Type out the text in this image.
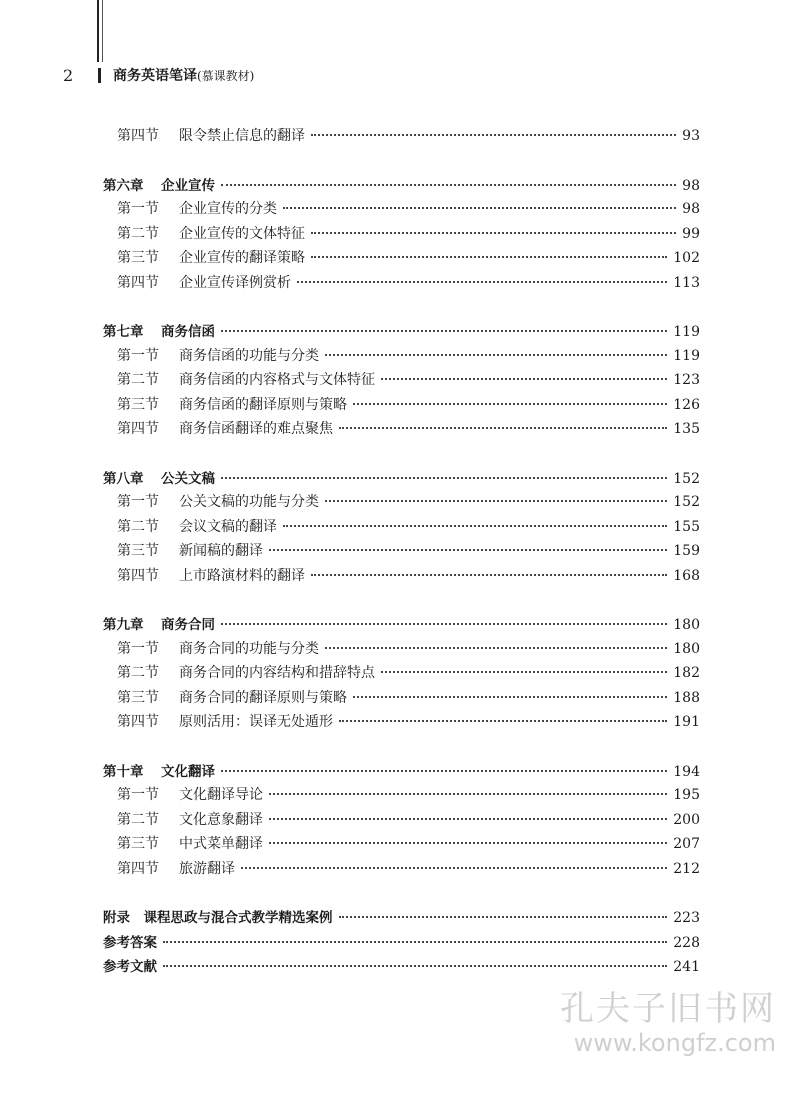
2	商务英语笔译(慕课教材)
第四节	限令禁止信息的翻译	93
第六章	企业宣传	98
第一节	企业宣传的分类	98
第二节	企业宣传的文体特征	99
第三节	企业宣传的翻译策略	102
第四节	企业宣传译例赏析	113
第七章	商务信函	119
第一节	商务信函的功能与分类	119
第二节	商务信函的内容格式与文体特征	123
第三节	商务信函的翻译原则与策略	126
第四节	商务信函翻译的难点聚焦	135
第八章	公关文稿	152
第一节	公关文稿的功能与分类	152
第二节	会议文稿的翻译	155
第三节	新闻稿的翻译	159
第四节	上市路演材料的翻译	168
第九章	商务合同	180
第一节	商务合同的功能与分类	180
第二节	商务合同的内容结构和措辞特点	182
第三节	商务合同的翻译原则与策略	188
第四节	原则活用：误译无处遁形	191
第十章	文化翻译	194
第一节	文化翻译导论	195
第二节	文化意象翻译	200
第三节	中式菜单翻译	207
第四节	旅游翻译	212
附录　课程思政与混合式教学精选案例	223
参考答案	228
参考文献	241
孔夫子旧书网
www.kongfz.com
